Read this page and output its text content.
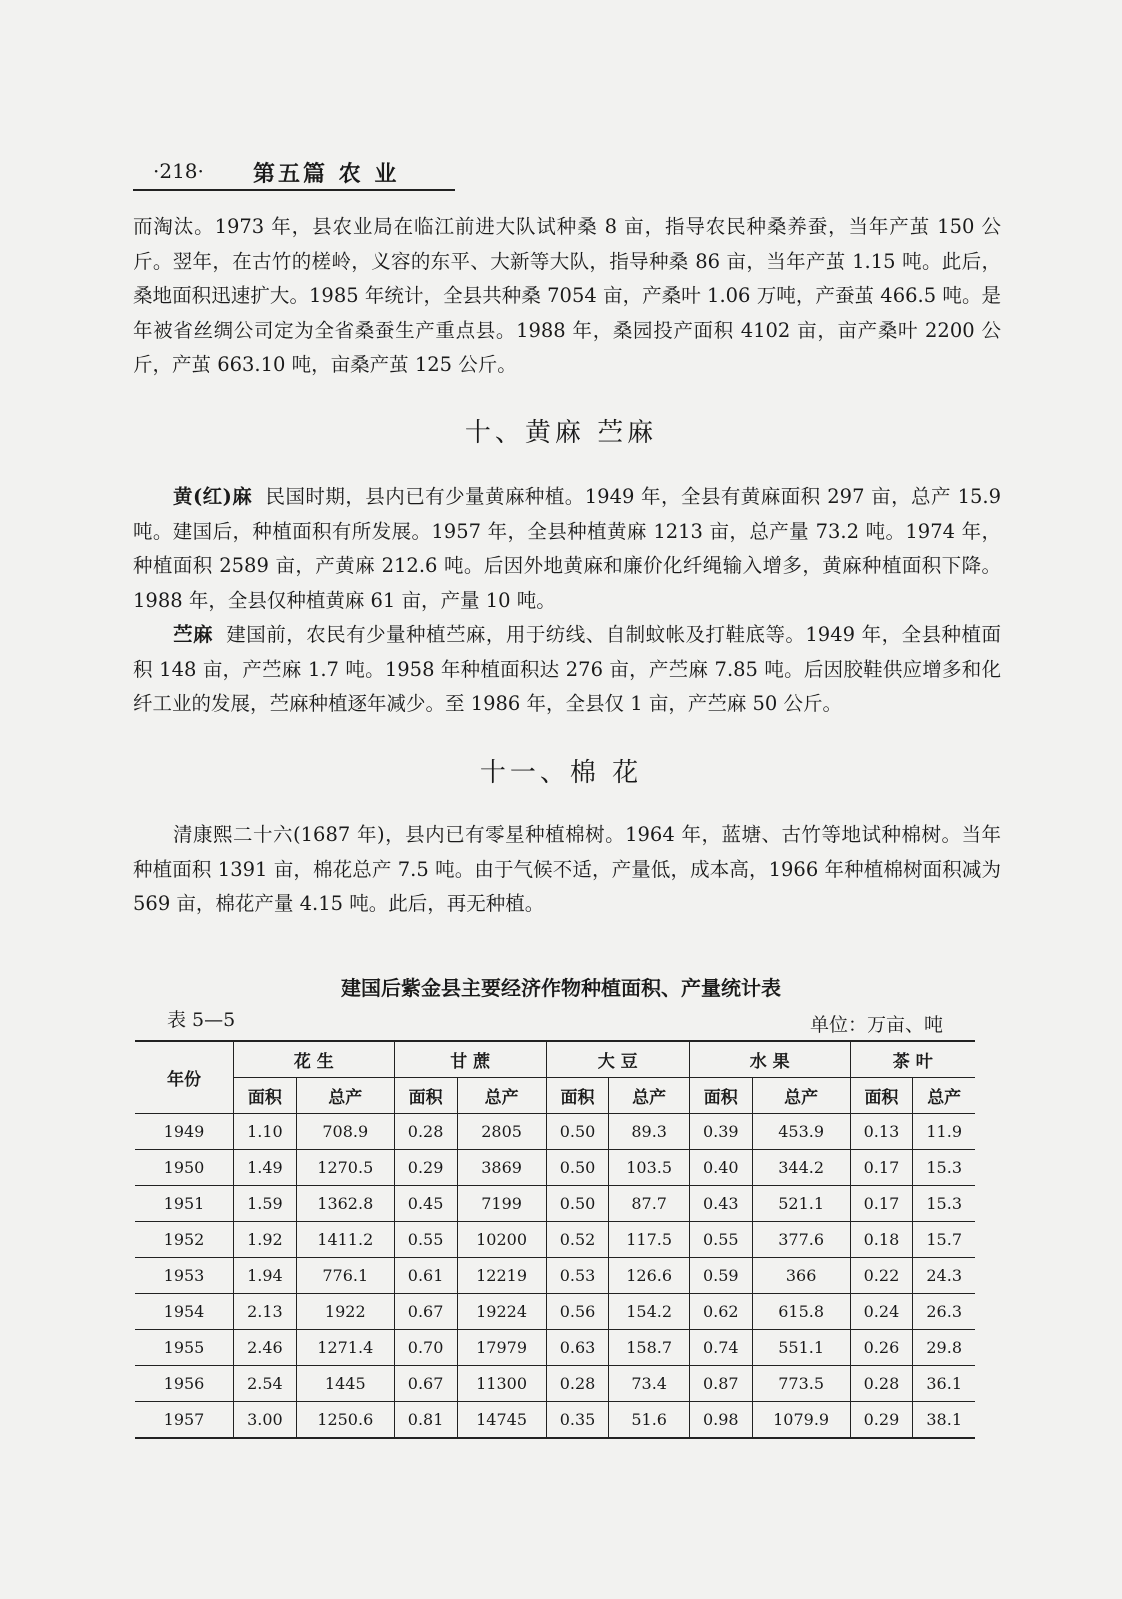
·218· 第五篇 农 业

而淘汰。1973 年，县农业局在临江前进大队试种桑 8 亩，指导农民种桑养蚕，当年产茧 150 公斤。翌年，在古竹的槎岭，义容的东平、大新等大队，指导种桑 86 亩，当年产茧 1.15 吨。此后，桑地面积迅速扩大。1985 年统计，全县共种桑 7054 亩，产桑叶 1.06 万吨，产蚕茧 466.5 吨。是年被省丝绸公司定为全省桑蚕生产重点县。1988 年，桑园投产面积 4102 亩，亩产桑叶 2200 公斤，产茧 663.10 吨，亩桑产茧 125 公斤。

十、黄麻 苎麻

黄(红)麻 民国时期，县内已有少量黄麻种植。1949 年，全县有黄麻面积 297 亩，总产 15.9 吨。建国后，种植面积有所发展。1957 年，全县种植黄麻 1213 亩，总产量 73.2 吨。1974 年，种植面积 2589 亩，产黄麻 212.6 吨。后因外地黄麻和廉价化纤绳输入增多，黄麻种植面积下降。1988 年，全县仅种植黄麻 61 亩，产量 10 吨。

苎麻 建国前，农民有少量种植苎麻，用于纺线、自制蚊帐及打鞋底等。1949 年，全县种植面积 148 亩，产苎麻 1.7 吨。1958 年种植面积达 276 亩，产苎麻 7.85 吨。后因胶鞋供应增多和化纤工业的发展，苎麻种植逐年减少。至 1986 年，全县仅 1 亩，产苎麻 50 公斤。

十一、棉 花

清康熙二十六(1687 年)，县内已有零星种植棉树。1964 年，蓝塘、古竹等地试种棉树。当年种植面积 1391 亩，棉花总产 7.5 吨。由于气候不适，产量低，成本高，1966 年种植棉树面积减为 569 亩，棉花产量 4.15 吨。此后，再无种植。

建国后紫金县主要经济作物种植面积、产量统计表
表 5—5	单位：万亩、吨
年份	花 生		甘 蔗		大 豆		水 果		茶 叶	
	面积	总产	面积	总产	面积	总产	面积	总产	面积	总产
1949	1.10	708.9	0.28	2805	0.50	89.3	0.39	453.9	0.13	11.9
1950	1.49	1270.5	0.29	3869	0.50	103.5	0.40	344.2	0.17	15.3
1951	1.59	1362.8	0.45	7199	0.50	87.7	0.43	521.1	0.17	15.3
1952	1.92	1411.2	0.55	10200	0.52	117.5	0.55	377.6	0.18	15.7
1953	1.94	776.1	0.61	12219	0.53	126.6	0.59	366	0.22	24.3
1954	2.13	1922	0.67	19224	0.56	154.2	0.62	615.8	0.24	26.3
1955	2.46	1271.4	0.70	17979	0.63	158.7	0.74	551.1	0.26	29.8
1956	2.54	1445	0.67	11300	0.28	73.4	0.87	773.5	0.28	36.1
1957	3.00	1250.6	0.81	14745	0.35	51.6	0.98	1079.9	0.29	38.1
